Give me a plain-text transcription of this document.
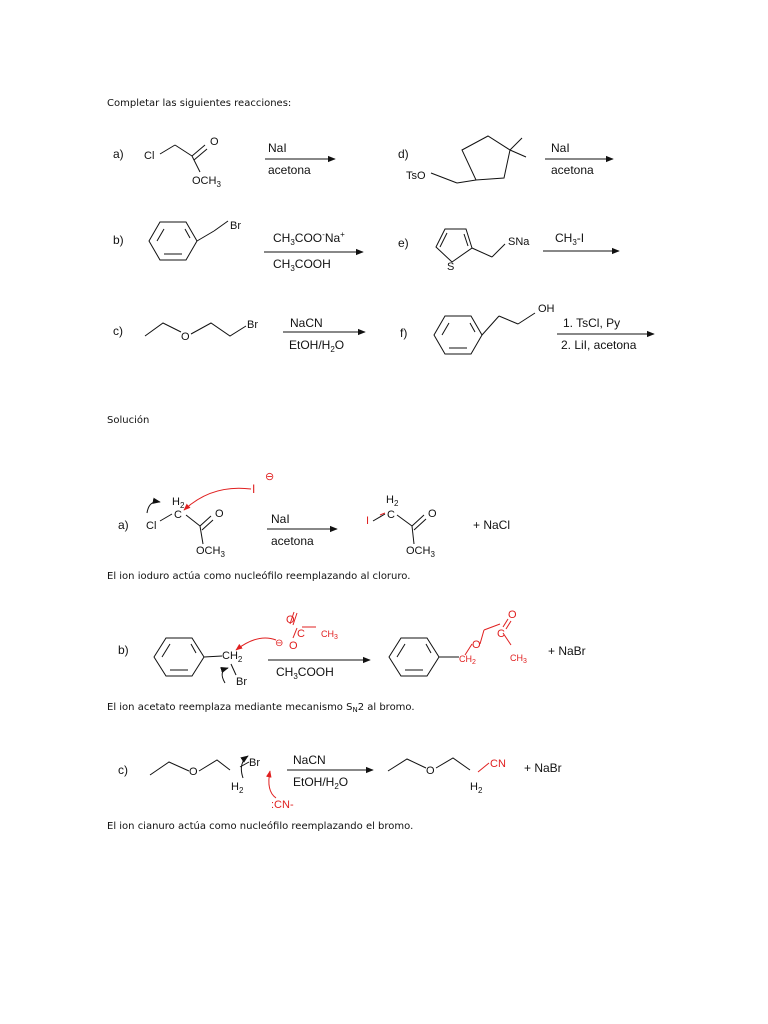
Completar las siguientes reacciones:
a)	NaI
acetona
d)	NaI
acetona
b)	$CH_3COO^-Na^+$
$CH_3COOH$
e)	$CH_3-I$
c)
NaCN
EtOH/$H_2O$
f)
1. TsCl, Py
2. LiI, acetona
Solución
a)	NaI
acetona
+ NaCl
El ion ioduro actúa como nucleófilo reemplazando al cloruro.
b)
$CH_3COOH$
+ NaBr
El ion acetato reemplaza mediante mecanismo $S_N2$ al bromo.
c)
NaCN
EtOH/$H_2O$
+ NaBr
El ion cianuro actúa como nucleófilo reemplazando el bromo.
Cl
O
$OCH_3$
TsO
Br
SNa
S
O
Br
OH
Cl
$H_2$
C	O
$OCH_3$
$H_2$
C	O
$OCH_3$
$CH_2$
Br
O
Br
$H_2$
O
$H_2$
I
I
⊖
O
C $CH_3$
O
⊖
$CH_2$
O
C
O
$CH_3$
CN
:CN-
